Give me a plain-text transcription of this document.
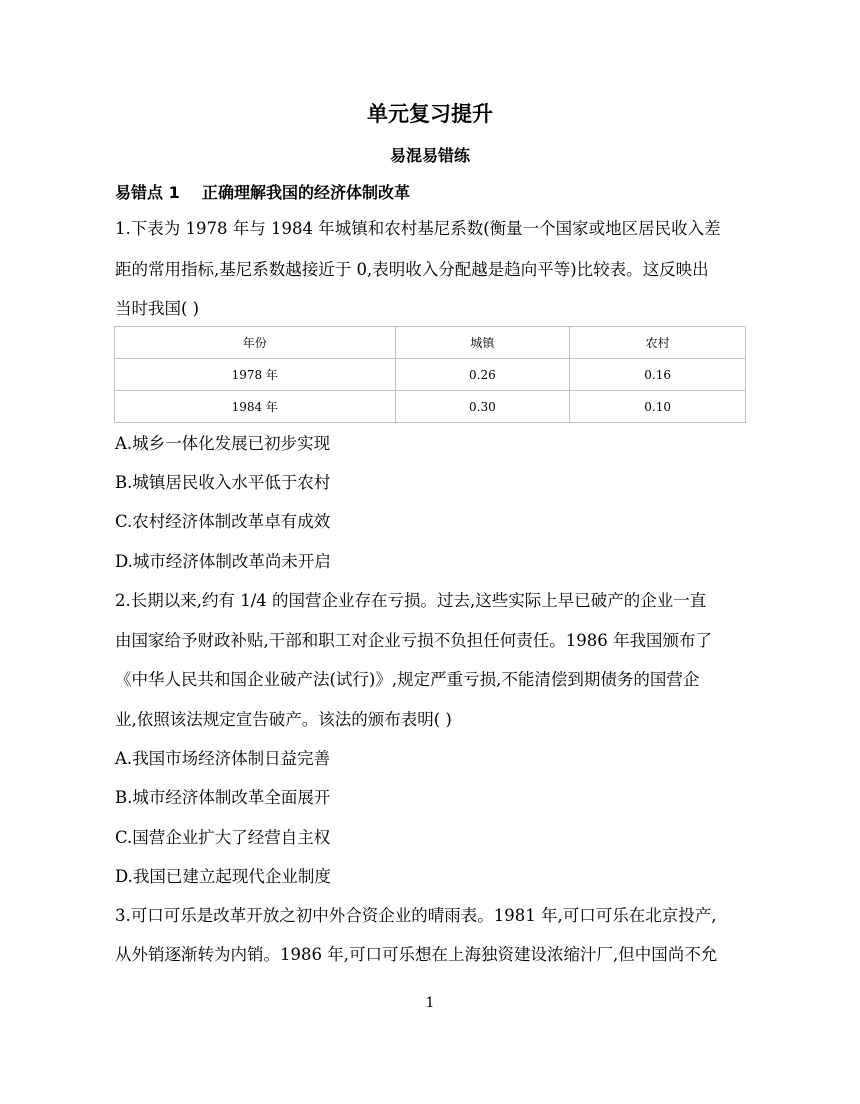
单元复习提升
易混易错练
易错点 1    正确理解我国的经济体制改革
1.下表为 1978 年与 1984 年城镇和农村基尼系数(衡量一个国家或地区居民收入差
距的常用指标,基尼系数越接近于 0,表明收入分配越是趋向平等)比较表。这反映出
当时我国( )
年份	城镇	农村
1978 年	0.26	0.16
1984 年	0.30	0.10
A.城乡一体化发展已初步实现
B.城镇居民收入水平低于农村
C.农村经济体制改革卓有成效
D.城市经济体制改革尚未开启
2.长期以来,约有 1/4 的国营企业存在亏损。过去,这些实际上早已破产的企业一直
由国家给予财政补贴,干部和职工对企业亏损不负担任何责任。1986 年我国颁布了
《中华人民共和国企业破产法(试行)》,规定严重亏损,不能清偿到期债务的国营企
业,依照该法规定宣告破产。该法的颁布表明( )
A.我国市场经济体制日益完善
B.城市经济体制改革全面展开
C.国营企业扩大了经营自主权
D.我国已建立起现代企业制度
3.可口可乐是改革开放之初中外合资企业的晴雨表。1981 年,可口可乐在北京投产,
从外销逐渐转为内销。1986 年,可口可乐想在上海独资建设浓缩汁厂,但中国尚不允
1
